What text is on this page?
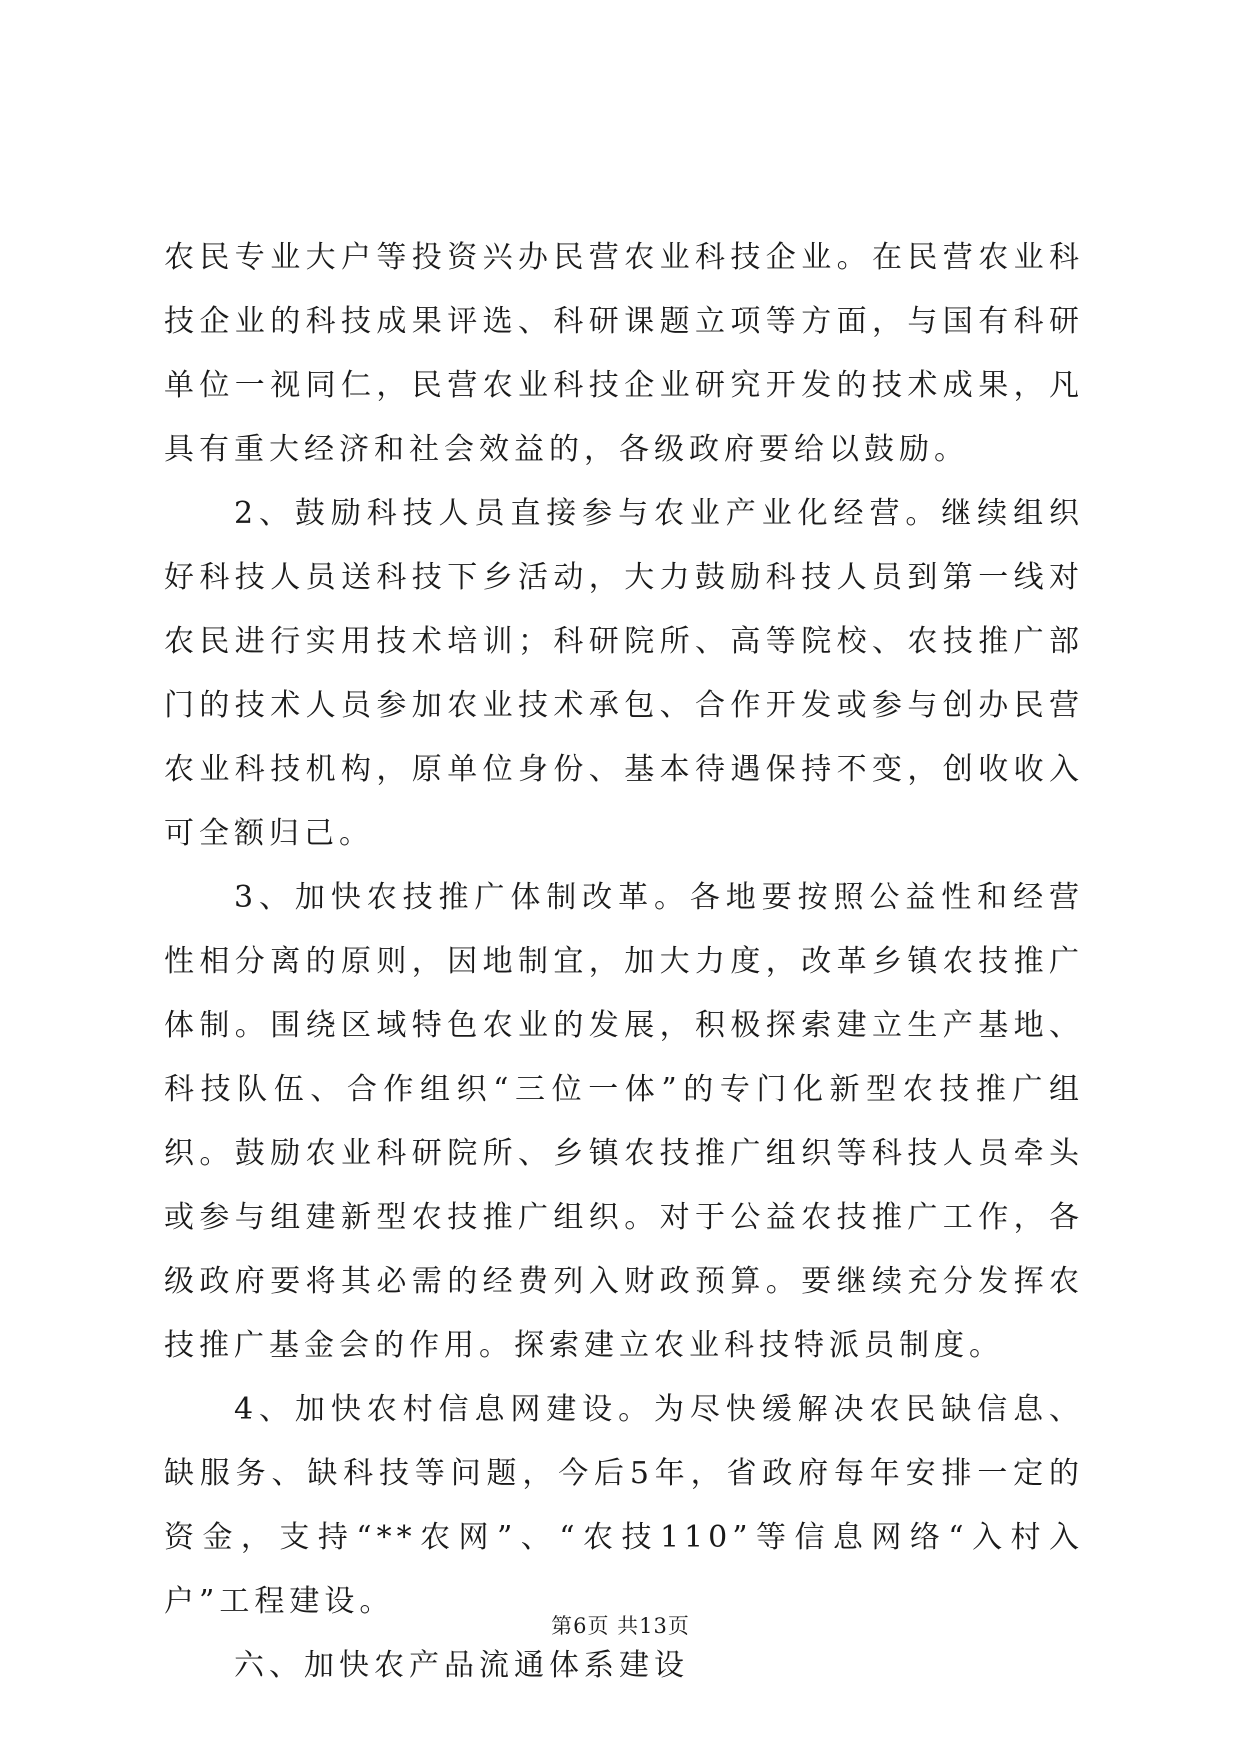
农民专业大户等投资兴办民营农业科技企业。在民营农业科技企业的科技成果评选、科研课题立项等方面，与国有科研单位一视同仁，民营农业科技企业研究开发的技术成果，凡具有重大经济和社会效益的，各级政府要给以鼓励。

2、鼓励科技人员直接参与农业产业化经营。继续组织好科技人员送科技下乡活动，大力鼓励科技人员到第一线对农民进行实用技术培训；科研院所、高等院校、农技推广部门的技术人员参加农业技术承包、合作开发或参与创办民营农业科技机构，原单位身份、基本待遇保持不变，创收收入可全额归己。

3、加快农技推广体制改革。各地要按照公益性和经营性相分离的原则，因地制宜，加大力度，改革乡镇农技推广体制。围绕区域特色农业的发展，积极探索建立生产基地、科技队伍、合作组织“三位一体”的专门化新型农技推广组织。鼓励农业科研院所、乡镇农技推广组织等科技人员牵头或参与组建新型农技推广组织。对于公益农技推广工作，各级政府要将其必需的经费列入财政预算。要继续充分发挥农技推广基金会的作用。探索建立农业科技特派员制度。

4、加快农村信息网建设。为尽快缓解决农民缺信息、缺服务、缺科技等问题，今后5年，省政府每年安排一定的资金，支持“**农网”、“农技110”等信息网络“入村入户”工程建设。

六、加快农产品流通体系建设

第6页 共13页
